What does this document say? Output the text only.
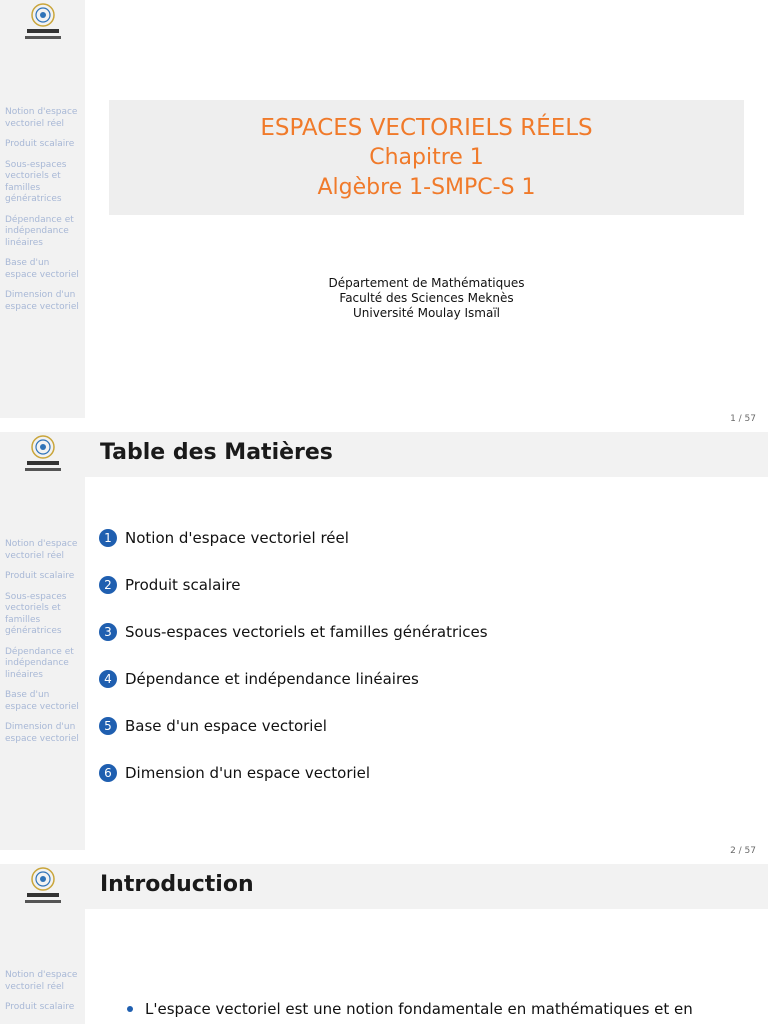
Notion d'espace vectoriel réel
Produit scalaire
Sous-espaces vectoriels et familles génératrices
Dépendance et indépendance linéaires
Base d'un espace vectoriel
Dimension d'un espace vectoriel
ESPACES VECTORIELS RÉELS
Chapitre 1
Algèbre 1-SMPC-S 1
Département de Mathématiques
Faculté des Sciences Meknès
Université Moulay Ismaïl
1 / 57
Notion d'espace vectoriel réel
Produit scalaire
Sous-espaces vectoriels et familles génératrices
Dépendance et indépendance linéaires
Base d'un espace vectoriel
Dimension d'un espace vectoriel
Table des Matières
1 Notion d'espace vectoriel réel
2 Produit scalaire
3 Sous-espaces vectoriels et familles génératrices
4 Dépendance et indépendance linéaires
5 Base d'un espace vectoriel
6 Dimension d'un espace vectoriel
2 / 57
Notion d'espace vectoriel réel
Produit scalaire
Introduction
L'espace vectoriel est une notion fondamentale en mathématiques et en
